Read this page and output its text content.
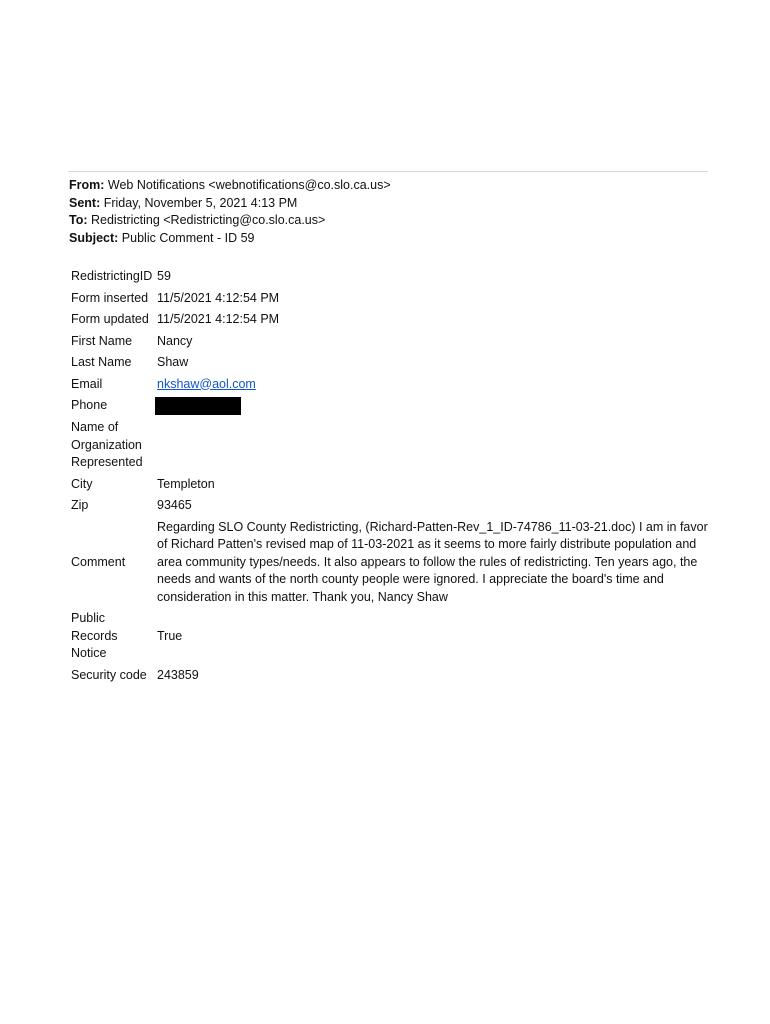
From: Web Notifications <webnotifications@co.slo.ca.us>
Sent: Friday, November 5, 2021 4:13 PM
To: Redistricting <Redistricting@co.slo.ca.us>
Subject: Public Comment - ID 59
RedistrictingID	59
Form inserted	11/5/2021 4:12:54 PM
Form updated	11/5/2021 4:12:54 PM
First Name	Nancy
Last Name	Shaw
Email	nkshaw@aol.com
Phone	
Name of Organization Represented	
City	Templeton
Zip	93465
Comment	Regarding SLO County Redistricting, (Richard-Patten-Rev_1_ID-74786_11-03-21.doc) I am in favor of Richard Patten's revised map of 11-03-2021 as it seems to more fairly distribute population and area community types/needs. It also appears to follow the rules of redistricting. Ten years ago, the needs and wants of the north county people were ignored. I appreciate the board's time and consideration in this matter. Thank you, Nancy Shaw
Public Records Notice	True
Security code	243859
